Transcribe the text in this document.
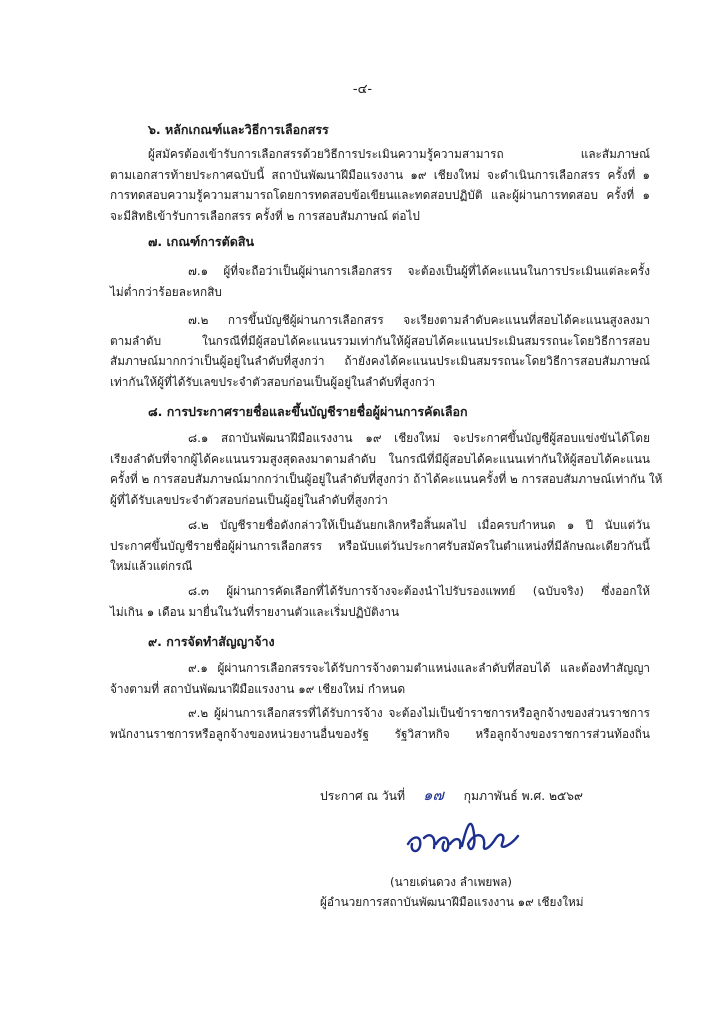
-๔-
๖. หลักเกณฑ์และวิธีการเลือกสรร
ผู้สมัครต้องเข้ารับการเลือกสรรด้วยวิธีการประเมินความรู้ความสามารถ และสัมภาษณ์
ตามเอกสารท้ายประกาศฉบับนี้ สถาบันพัฒนาฝีมือแรงงาน ๑๙ เชียงใหม่ จะดำเนินการเลือกสรร ครั้งที่ ๑
การทดสอบความรู้ความสามารถโดยการทดสอบข้อเขียนและทดสอบปฏิบัติ และผู้ผ่านการทดสอบ ครั้งที่ ๑
จะมีสิทธิเข้ารับการเลือกสรร ครั้งที่ ๒ การสอบสัมภาษณ์ ต่อไป
๗. เกณฑ์การตัดสิน
๗.๑ ผู้ที่จะถือว่าเป็นผู้ผ่านการเลือกสรร จะต้องเป็นผู้ที่ได้คะแนนในการประเมินแต่ละครั้ง
ไม่ต่ำกว่าร้อยละหกสิบ
๗.๒ การขึ้นบัญชีผู้ผ่านการเลือกสรร จะเรียงตามลำดับคะแนนที่สอบได้คะแนนสูงลงมา
ตามลำดับ ในกรณีที่มีผู้สอบได้คะแนนรวมเท่ากันให้ผู้สอบได้คะแนนประเมินสมรรถนะโดยวิธีการสอบ
สัมภาษณ์มากกว่าเป็นผู้อยู่ในลำดับที่สูงกว่า ถ้ายังคงได้คะแนนประเมินสมรรถนะโดยวิธีการสอบสัมภาษณ์
เท่ากันให้ผู้ที่ได้รับเลขประจำตัวสอบก่อนเป็นผู้อยู่ในลำดับที่สูงกว่า
๘. การประกาศรายชื่อและขึ้นบัญชีรายชื่อผู้ผ่านการคัดเลือก
๘.๑ สถาบันพัฒนาฝีมือแรงงาน ๑๙ เชียงใหม่ จะประกาศขึ้นบัญชีผู้สอบแข่งขันได้โดย
เรียงลำดับที่จากผู้ได้คะแนนรวมสูงสุดลงมาตามลำดับ ในกรณีที่มีผู้สอบได้คะแนนเท่ากันให้ผู้สอบได้คะแนน
ครั้งที่ ๒ การสอบสัมภาษณ์มากกว่าเป็นผู้อยู่ในลำดับที่สูงกว่า ถ้าได้คะแนนครั้งที่ ๒ การสอบสัมภาษณ์เท่ากัน ให้
ผู้ที่ได้รับเลขประจำตัวสอบก่อนเป็นผู้อยู่ในลำดับที่สูงกว่า
๘.๒ บัญชีรายชื่อดังกล่าวให้เป็นอันยกเลิกหรือสิ้นผลไป เมื่อครบกำหนด ๑ ปี นับแต่วัน
ประกาศขึ้นบัญชีรายชื่อผู้ผ่านการเลือกสรร หรือนับแต่วันประกาศรับสมัครในตำแหน่งที่มีลักษณะเดียวกันนี้
ใหม่แล้วแต่กรณี
๘.๓ ผู้ผ่านการคัดเลือกที่ได้รับการจ้างจะต้องนำไปรับรองแพทย์ (ฉบับจริง) ซึ่งออกให้
ไม่เกิน ๑ เดือน มายื่นในวันที่รายงานตัวและเริ่มปฏิบัติงาน
๙. การจัดทำสัญญาจ้าง
๙.๑ ผู้ผ่านการเลือกสรรจะได้รับการจ้างตามตำแหน่งและลำดับที่สอบได้ และต้องทำสัญญา
จ้างตามที่ สถาบันพัฒนาฝีมือแรงงาน ๑๙ เชียงใหม่ กำหนด
๙.๒ ผู้ผ่านการเลือกสรรที่ได้รับการจ้าง จะต้องไม่เป็นข้าราชการหรือลูกจ้างของส่วนราชการ
พนักงานราชการหรือลูกจ้างของหน่วยงานอื่นของรัฐ รัฐวิสาหกิจ หรือลูกจ้างของราชการส่วนท้องถิ่น
ประกาศ ณ วันที่ ๑๗ กุมภาพันธ์ พ.ศ. ๒๕๖๙
(นายเด่นดวง ลำเพยพล)
ผู้อำนวยการสถาบันพัฒนาฝีมือแรงงาน ๑๙ เชียงใหม่
